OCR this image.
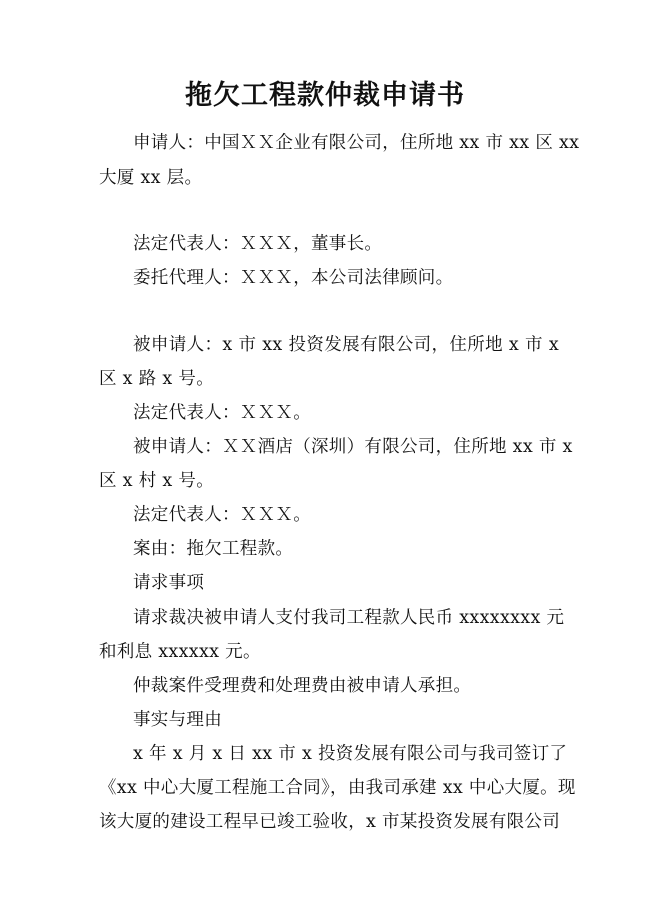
拖欠工程款仲裁申请书
申请人：中国ＸＸ企业有限公司，住所地 xx 市 xx 区 xx
大厦 xx 层。
法定代表人：ＸＸＸ，董事长。
委托代理人：ＸＸＸ，本公司法律顾问。
被申请人：x 市 xx 投资发展有限公司，住所地 x 市 x
区 x 路 x 号。
法定代表人：ＸＸＸ。
被申请人：ＸＸ酒店（深圳）有限公司，住所地 xx 市 x
区 x 村 x 号。
法定代表人：ＸＸＸ。
案由：拖欠工程款。
请求事项
请求裁决被申请人支付我司工程款人民币 xxxxxxxx 元
和利息 xxxxxx 元。
仲裁案件受理费和处理费由被申请人承担。
事实与理由
x 年 x 月 x 日 xx 市 x 投资发展有限公司与我司签订了
《xx 中心大厦工程施工合同》，由我司承建 xx 中心大厦。现
该大厦的建设工程早已竣工验收，x 市某投资发展有限公司
